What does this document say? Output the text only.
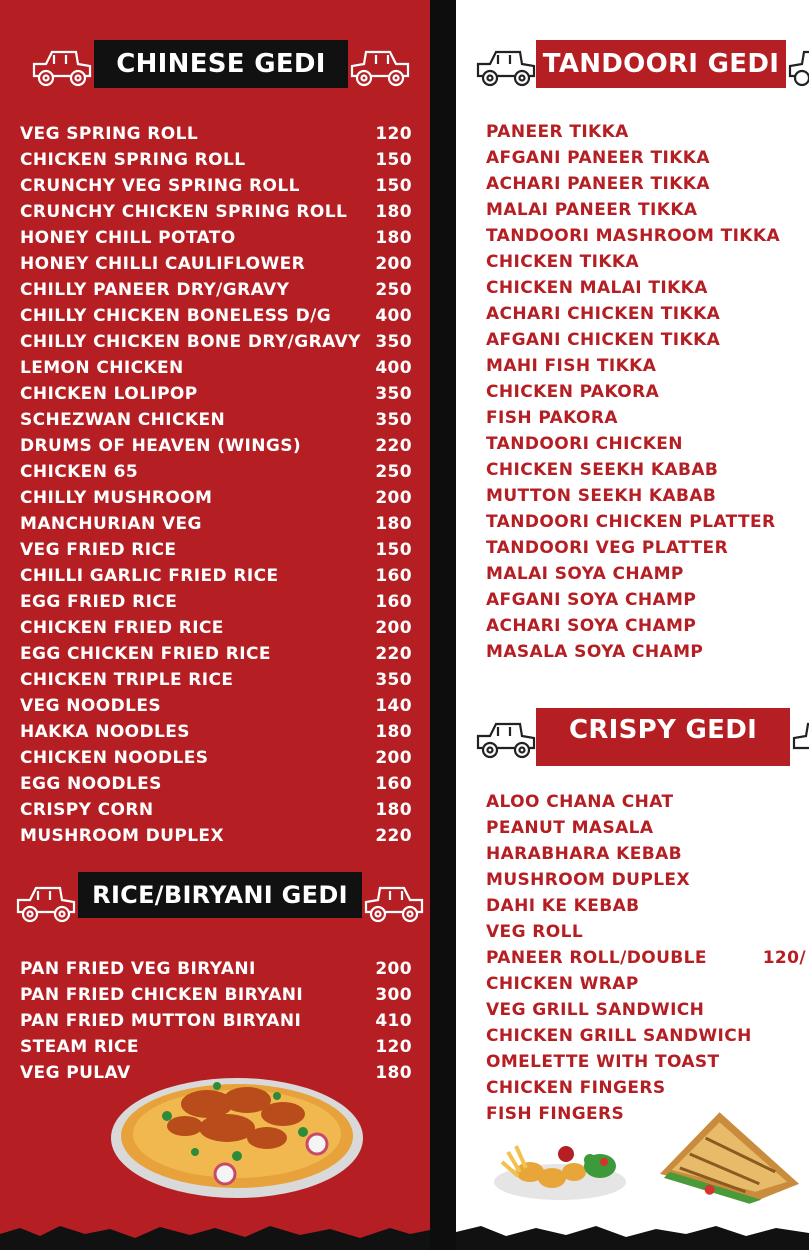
CHINESE GEDI
VEG SPRING ROLL	120
CHICKEN SPRING ROLL	150
CRUNCHY VEG SPRING ROLL	150
CRUNCHY CHICKEN SPRING ROLL 180
HONEY CHILL POTATO	180
HONEY CHILLI CAULIFLOWER	200
CHILLY PANEER DRY/GRAVY	250
CHILLY CHICKEN BONELESS D/G	400
CHILLY CHICKEN BONE DRY/GRAVY 350
LEMON CHICKEN	400
CHICKEN LOLIPOP	350
SCHEZWAN CHICKEN	350
DRUMS OF HEAVEN (WINGS)	220
CHICKEN 65	250
CHILLY MUSHROOM	200
MANCHURIAN VEG	180
VEG FRIED RICE	150
CHILLI GARLIC FRIED RICE	160
EGG FRIED RICE	160
CHICKEN FRIED RICE	200
EGG CHICKEN FRIED RICE	220
CHICKEN TRIPLE RICE	350
VEG NOODLES	140
HAKKA NOODLES	180
CHICKEN NOODLES	200
EGG NOODLES	160
CRISPY CORN	180
MUSHROOM DUPLEX	220
RICE/BIRYANI GEDI
PAN FRIED VEG BIRYANI	200
PAN FRIED CHICKEN BIRYANI	300
PAN FRIED MUTTON BIRYANI	410
STEAM RICE	120
VEG PULAV	180
TANDOORI GEDI
PANEER TIKKA
AFGANI PANEER TIKKA
ACHARI PANEER TIKKA
MALAI PANEER TIKKA
TANDOORI MASHROOM TIKKA
CHICKEN TIKKA
CHICKEN MALAI TIKKA
ACHARI CHICKEN TIKKA
AFGANI CHICKEN TIKKA
MAHI FISH TIKKA
CHICKEN PAKORA
FISH PAKORA
TANDOORI CHICKEN
CHICKEN SEEKH KABAB
MUTTON SEEKH KABAB
TANDOORI CHICKEN PLATTER
TANDOORI VEG PLATTER
MALAI SOYA CHAMP
AFGANI SOYA CHAMP
ACHARI SOYA CHAMP
MASALA SOYA CHAMP
CRISPY GEDI
ALOO CHANA CHAT
PEANUT MASALA
HARABHARA KEBAB
MUSHROOM DUPLEX
DAHI KE KEBAB
VEG ROLL
PANEER ROLL/DOUBLE	120/
CHICKEN WRAP
VEG GRILL SANDWICH
CHICKEN GRILL SANDWICH
OMELETTE WITH TOAST
CHICKEN FINGERS
FISH FINGERS
